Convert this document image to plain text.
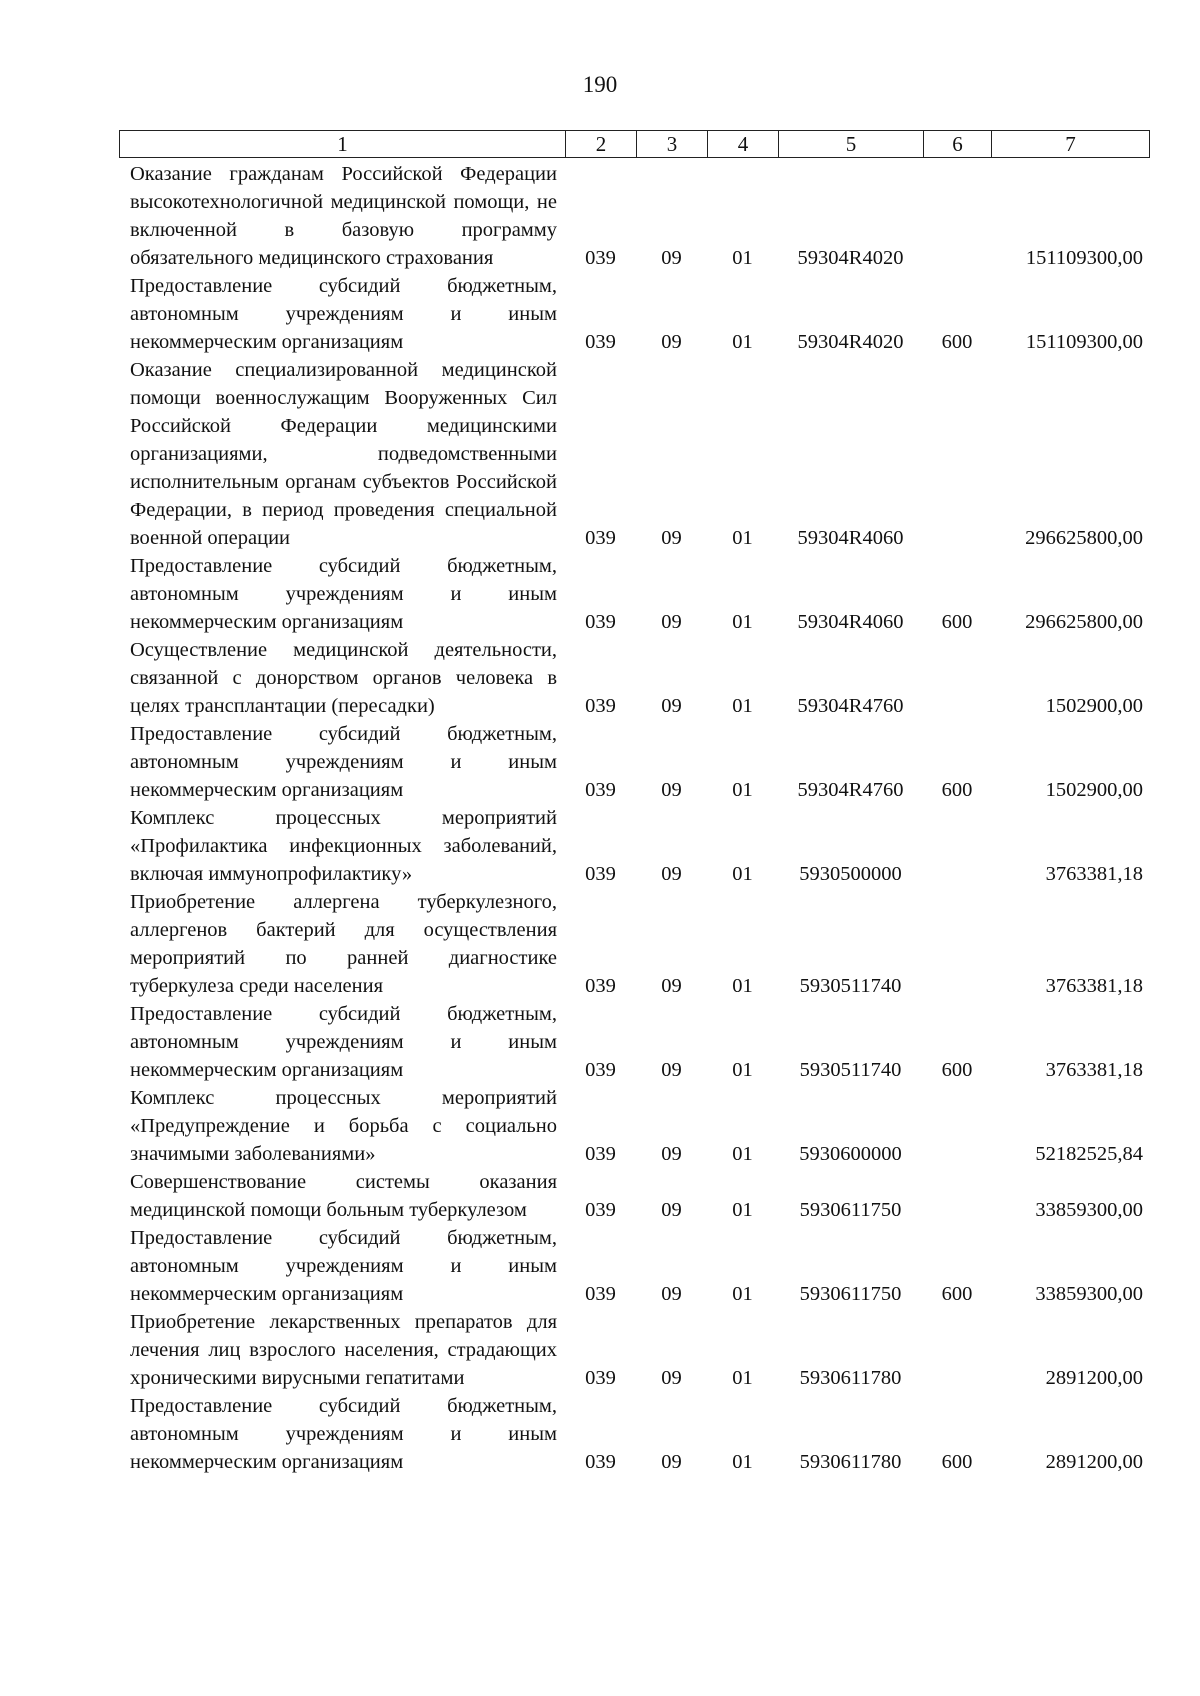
190
1	2	3	4	5	6	7
Оказание гражданам Российской Федерации высокотехнологичной медицинской помощи, не включенной в базовую программу обязательного медицинского страхования	039	09	01	59304R4020		151109300,00
Предоставление субсидий бюджетным, автономным учреждениям и иным некоммерческим организациям	039	09	01	59304R4020	600	151109300,00
Оказание специализированной медицинской помощи военнослужащим Вооруженных Сил Российской Федерации медицинскими организациями, подведомственными исполнительным органам субъектов Российской Федерации, в период проведения специальной военной операции	039	09	01	59304R4060		296625800,00
Предоставление субсидий бюджетным, автономным учреждениям и иным некоммерческим организациям	039	09	01	59304R4060	600	296625800,00
Осуществление медицинской деятельности, связанной с донорством органов человека в целях трансплантации (пересадки)	039	09	01	59304R4760		1502900,00
Предоставление субсидий бюджетным, автономным учреждениям и иным некоммерческим организациям	039	09	01	59304R4760	600	1502900,00
Комплекс процессных мероприятий «Профилактика инфекционных заболеваний, включая иммунопрофилактику»	039	09	01	5930500000		3763381,18
Приобретение аллергена туберкулезного, аллергенов бактерий для осуществления мероприятий по ранней диагностике туберкулеза среди населения	039	09	01	5930511740		3763381,18
Предоставление субсидий бюджетным, автономным учреждениям и иным некоммерческим организациям	039	09	01	5930511740	600	3763381,18
Комплекс процессных мероприятий «Предупреждение и борьба с социально значимыми заболеваниями»	039	09	01	5930600000		52182525,84
Совершенствование системы оказания медицинской помощи больным туберкулезом	039	09	01	5930611750		33859300,00
Предоставление субсидий бюджетным, автономным учреждениям и иным некоммерческим организациям	039	09	01	5930611750	600	33859300,00
Приобретение лекарственных препаратов для лечения лиц взрослого населения, страдающих хроническими вирусными гепатитами	039	09	01	5930611780		2891200,00
Предоставление субсидий бюджетным, автономным учреждениям и иным некоммерческим организациям	039	09	01	5930611780	600	2891200,00
